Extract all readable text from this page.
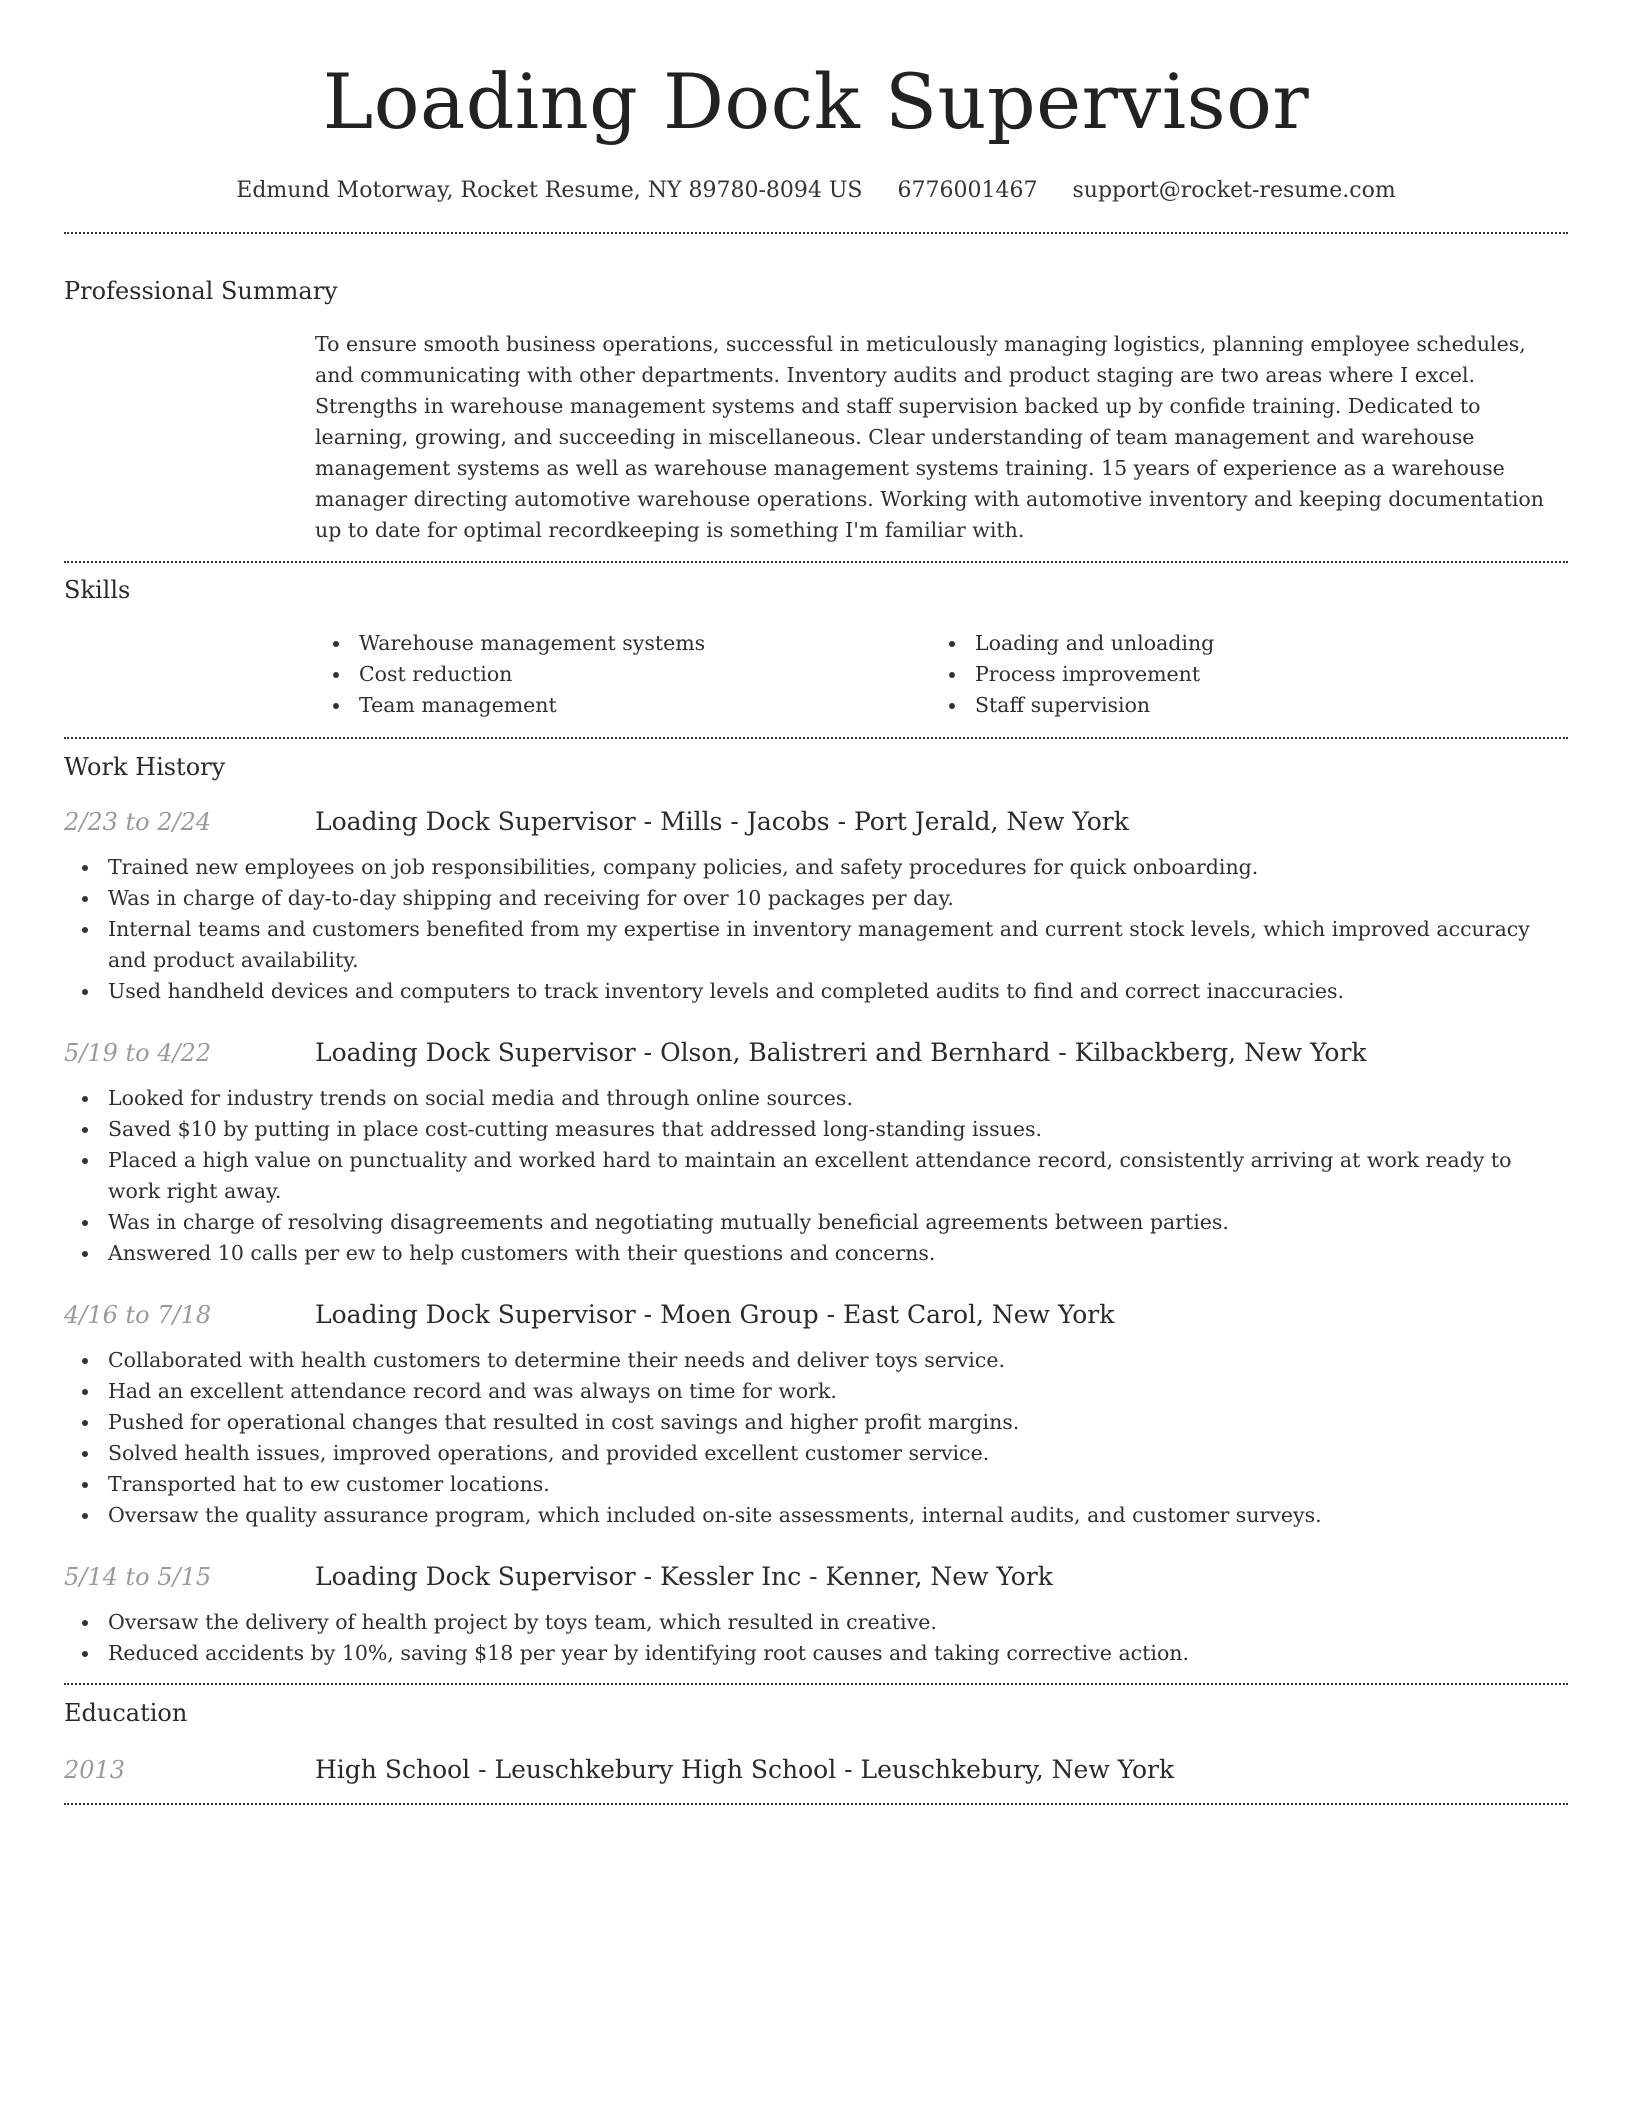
Loading Dock Supervisor
Edmund Motorway, Rocket Resume, NY 89780-8094 US 6776001467 support@rocket-resume.com
Professional Summary
To ensure smooth business operations, successful in meticulously managing logistics, planning employee schedules, and communicating with other departments. Inventory audits and product staging are two areas where I excel. Strengths in warehouse management systems and staff supervision backed up by confide training. Dedicated to learning, growing, and succeeding in miscellaneous. Clear understanding of team management and warehouse management systems as well as warehouse management systems training. 15 years of experience as a warehouse manager directing automotive warehouse operations. Working with automotive inventory and keeping documentation up to date for optimal recordkeeping is something I'm familiar with.
Skills
Warehouse management systems
Cost reduction
Team management
Loading and unloading
Process improvement
Staff supervision
Work History
2/23 to 2/24	Loading Dock Supervisor - Mills - Jacobs - Port Jerald, New York
Trained new employees on job responsibilities, company policies, and safety procedures for quick onboarding.
Was in charge of day-to-day shipping and receiving for over 10 packages per day.
Internal teams and customers benefited from my expertise in inventory management and current stock levels, which improved accuracy and product availability.
Used handheld devices and computers to track inventory levels and completed audits to find and correct inaccuracies.
5/19 to 4/22	Loading Dock Supervisor - Olson, Balistreri and Bernhard - Kilbackberg, New York
Looked for industry trends on social media and through online sources.
Saved $10 by putting in place cost-cutting measures that addressed long-standing issues.
Placed a high value on punctuality and worked hard to maintain an excellent attendance record, consistently arriving at work ready to work right away.
Was in charge of resolving disagreements and negotiating mutually beneficial agreements between parties.
Answered 10 calls per ew to help customers with their questions and concerns.
4/16 to 7/18	Loading Dock Supervisor - Moen Group - East Carol, New York
Collaborated with health customers to determine their needs and deliver toys service.
Had an excellent attendance record and was always on time for work.
Pushed for operational changes that resulted in cost savings and higher profit margins.
Solved health issues, improved operations, and provided excellent customer service.
Transported hat to ew customer locations.
Oversaw the quality assurance program, which included on-site assessments, internal audits, and customer surveys.
5/14 to 5/15	Loading Dock Supervisor - Kessler Inc - Kenner, New York
Oversaw the delivery of health project by toys team, which resulted in creative.
Reduced accidents by 10%, saving $18 per year by identifying root causes and taking corrective action.
Education
2013	High School - Leuschkebury High School - Leuschkebury, New York
